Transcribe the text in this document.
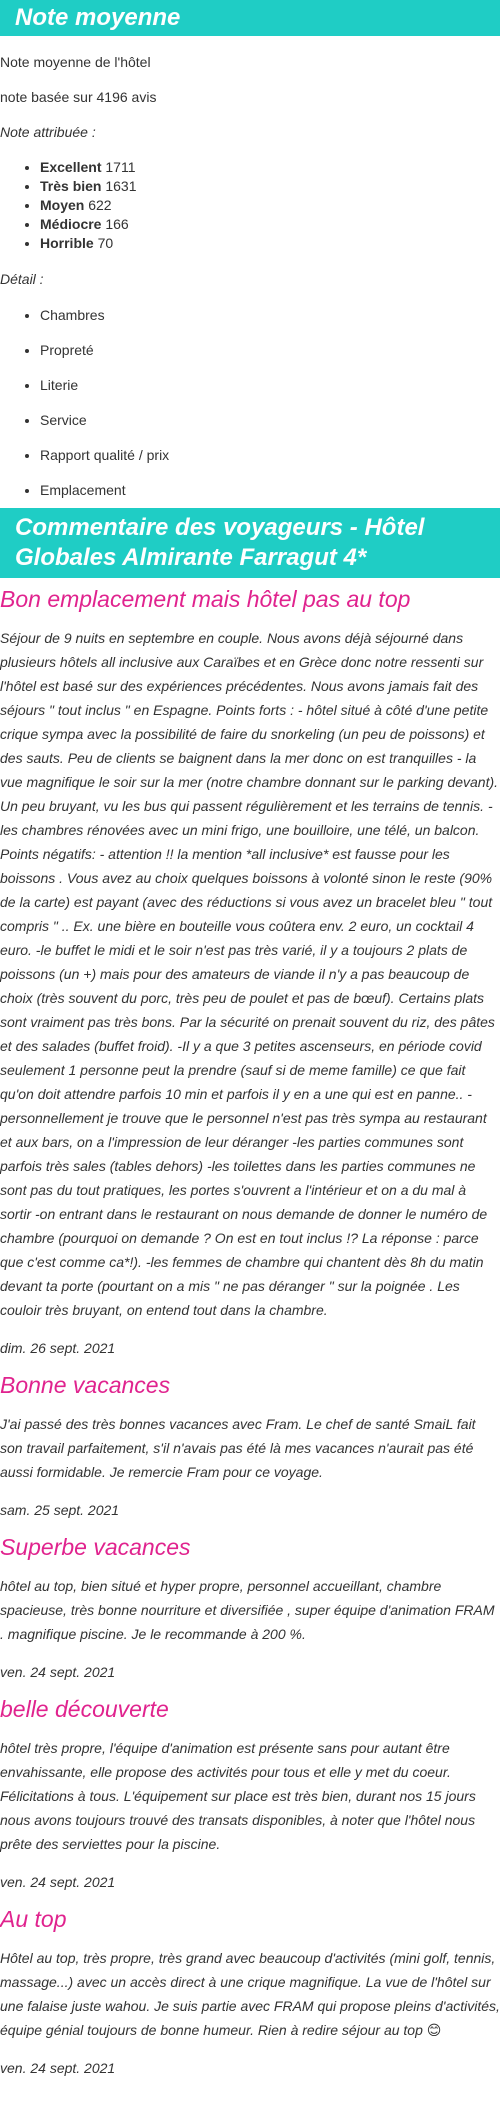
Note moyenne
Note moyenne de l'hôtel
note basée sur 4196 avis
Note attribuée :
• Excellent 1711
• Très bien 1631
• Moyen 622
• Médiocre 166
• Horrible 70
Détail :
• Chambres
• Propreté
• Literie
• Service
• Rapport qualité / prix
• Emplacement
Commentaire des voyageurs - Hôtel Globales Almirante Farragut 4*
Bon emplacement mais hôtel pas au top

Séjour de 9 nuits en septembre en couple. Nous avons déjà séjourné dans plusieurs hôtels all inclusive aux Caraïbes et en Grèce donc notre ressenti sur l'hôtel est basé sur des expériences précédentes. Nous avons jamais fait des séjours " tout inclus " en Espagne. Points forts : - hôtel situé à côté d'une petite crique sympa avec la possibilité de faire du snorkeling (un peu de poissons) et des sauts. Peu de clients se baignent dans la mer donc on est tranquilles - la vue magnifique le soir sur la mer (notre chambre donnant sur le parking devant). Un peu bruyant, vu les bus qui passent régulièrement et les terrains de tennis. -les chambres rénovées avec un mini frigo, une bouilloire, une télé, un balcon. Points négatifs: - attention !! la mention *all inclusive* est fausse pour les boissons . Vous avez au choix quelques boissons à volonté sinon le reste (90% de la carte) est payant (avec des réductions si vous avez un bracelet bleu " tout compris " .. Ex. une bière en bouteille vous coûtera env. 2 euro, un cocktail 4 euro. -le buffet le midi et le soir n'est pas très varié, il y a toujours 2 plats de poissons (un +) mais pour des amateurs de viande il n'y a pas beaucoup de choix (très souvent du porc, très peu de poulet et pas de bœuf). Certains plats sont vraiment pas très bons. Par la sécurité on prenait souvent du riz, des pâtes et des salades (buffet froid). -Il y a que 3 petites ascenseurs, en période covid seulement 1 personne peut la prendre (sauf si de meme famille) ce que fait qu'on doit attendre parfois 10 min et parfois il y en a une qui est en panne.. -personnellement je trouve que le personnel n'est pas très sympa au restaurant et aux bars, on a l'impression de leur déranger -les parties communes sont parfois très sales (tables dehors) -les toilettes dans les parties communes ne sont pas du tout pratiques, les portes s'ouvrent a l'intérieur et on a du mal à sortir -on entrant dans le restaurant on nous demande de donner le numéro de chambre (pourquoi on demande ? On est en tout inclus !? La réponse : parce que c'est comme ca*!). -les femmes de chambre qui chantent dès 8h du matin devant ta porte (pourtant on a mis " ne pas déranger " sur la poignée . Les couloir très bruyant, on entend tout dans la chambre.

dim. 26 sept. 2021

Bonne vacances

J'ai passé des très bonnes vacances avec Fram. Le chef de santé SmaiL fait son travail parfaitement, s'il n'avais pas été là mes vacances n'aurait pas été aussi formidable. Je remercie Fram pour ce voyage.

sam. 25 sept. 2021

Superbe vacances

hôtel au top, bien situé et hyper propre, personnel accueillant, chambre spacieuse, très bonne nourriture et diversifiée , super équipe d'animation FRAM . magnifique piscine. Je le recommande à 200 %.

ven. 24 sept. 2021

belle découverte

hôtel très propre, l'équipe d'animation est présente sans pour autant être envahissante, elle propose des activités pour tous et elle y met du coeur. Félicitations à tous. L'équipement sur place est très bien, durant nos 15 jours nous avons toujours trouvé des transats disponibles, à noter que l'hôtel nous prête des serviettes pour la piscine.

ven. 24 sept. 2021

Au top

Hôtel au top, très propre, très grand avec beaucoup d'activités (mini golf, tennis, massage...) avec un accès direct à une crique magnifique. La vue de l'hôtel sur une falaise juste wahou. Je suis partie avec FRAM qui propose pleins d'activités, équipe génial toujours de bonne humeur. Rien à redire séjour au top 😊

ven. 24 sept. 2021
